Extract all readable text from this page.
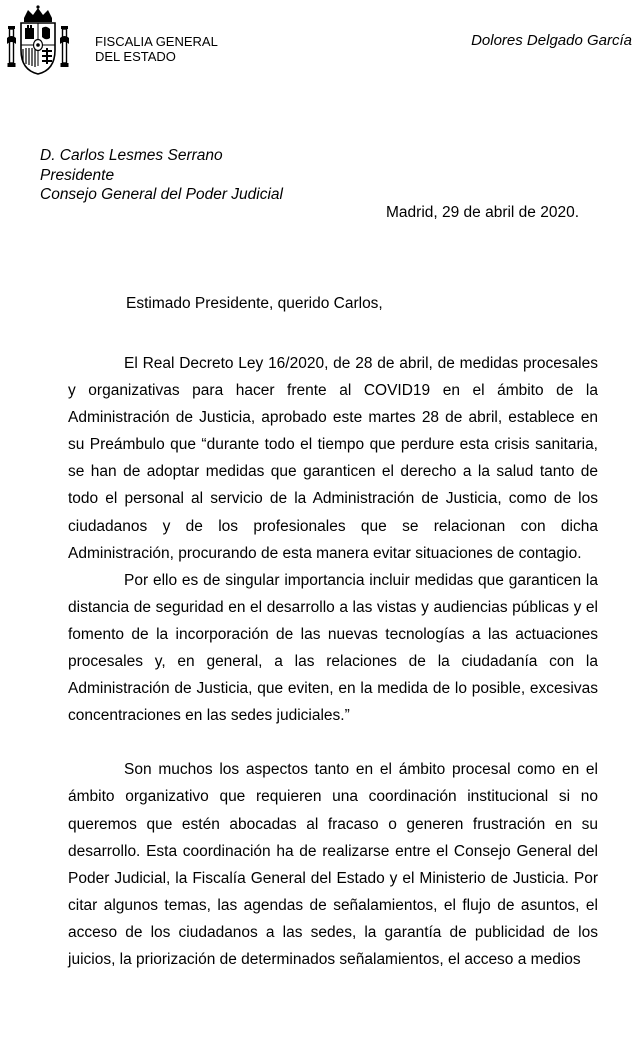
FISCALIA GENERAL
DEL ESTADO
Dolores Delgado García
D. Carlos Lesmes Serrano
Presidente
Consejo General del Poder Judicial
Madrid, 29 de abril de 2020.
Estimado Presidente, querido Carlos,

El Real Decreto Ley 16/2020, de 28 de abril, de medidas procesales y organizativas para hacer frente al COVID19 en el ámbito de la Administración de Justicia, aprobado este martes 28 de abril, establece en su Preámbulo que “durante todo el tiempo que perdure esta crisis sanitaria, se han de adoptar medidas que garanticen el derecho a la salud tanto de todo el personal al servicio de la Administración de Justicia, como de los ciudadanos y de los profesionales que se relacionan con dicha Administración, procurando de esta manera evitar situaciones de contagio.

Por ello es de singular importancia incluir medidas que garanticen la distancia de seguridad en el desarrollo a las vistas y audiencias públicas y el fomento de la incorporación de las nuevas tecnologías a las actuaciones procesales y, en general, a las relaciones de la ciudadanía con la Administración de Justicia, que eviten, en la medida de lo posible, excesivas concentraciones en las sedes judiciales.”

Son muchos los aspectos tanto en el ámbito procesal como en el ámbito organizativo que requieren una coordinación institucional si no queremos que estén abocadas al fracaso o generen frustración en su desarrollo. Esta coordinación ha de realizarse entre el Consejo General del Poder Judicial, la Fiscalía General del Estado y el Ministerio de Justicia. Por citar algunos temas, las agendas de señalamientos, el flujo de asuntos, el acceso de los ciudadanos a las sedes, la garantía de publicidad de los juicios, la priorización de determinados señalamientos, el acceso a medios
